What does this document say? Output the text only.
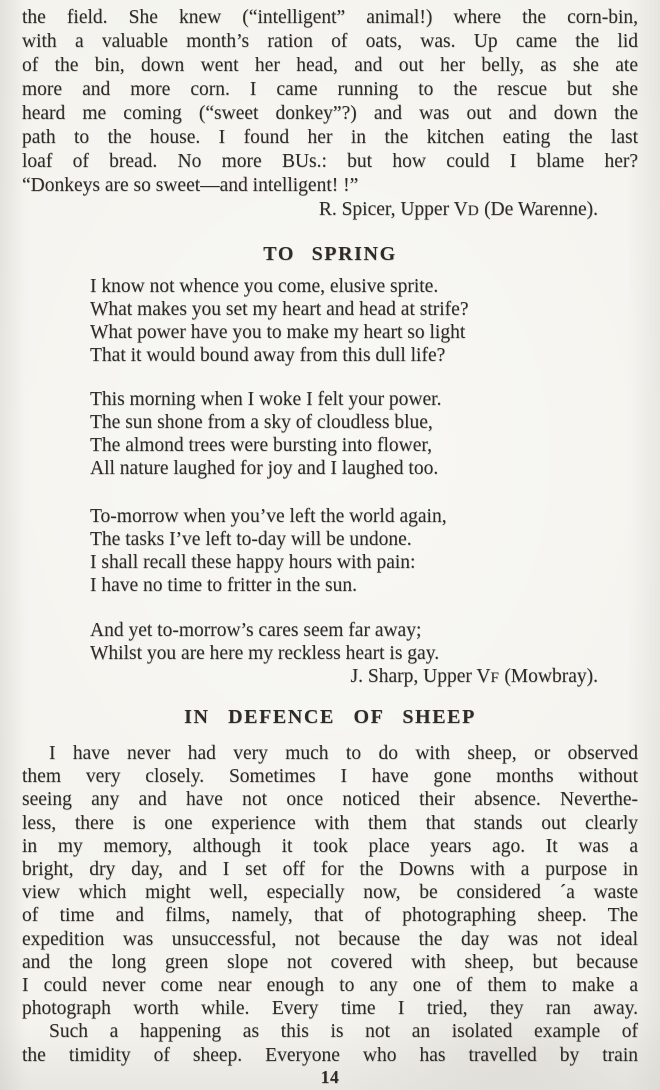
the field. She knew (“intelligent” animal!) where the corn-bin,
with a valuable month’s ration of oats, was. Up came the lid
of the bin, down went her head, and out her belly, as she ate
more and more corn. I came running to the rescue but she
heard me coming (“sweet donkey”?) and was out and down the
path to the house. I found her in the kitchen eating the last
loaf of bread. No more BUs.: but how could I blame her?
“Donkeys are so sweet—and intelligent! !”
R. Spicer, Upper VD (De Warenne).
TO SPRING
I know not whence you come, elusive sprite.
What makes you set my heart and head at strife?
What power have you to make my heart so light
That it would bound away from this dull life?
This morning when I woke I felt your power.
The sun shone from a sky of cloudless blue,
The almond trees were bursting into flower,
All nature laughed for joy and I laughed too.
To-morrow when you’ve left the world again,
The tasks I’ve left to-day will be undone.
I shall recall these happy hours with pain:
I have no time to fritter in the sun.
And yet to-morrow’s cares seem far away;
Whilst you are here my reckless heart is gay.
J. Sharp, Upper VF (Mowbray).
IN DEFENCE OF SHEEP
I have never had very much to do with sheep, or observed
them very closely. Sometimes I have gone months without
seeing any and have not once noticed their absence. Neverthe-
less, there is one experience with them that stands out clearly
in my memory, although it took place years ago. It was a
bright, dry day, and I set off for the Downs with a purpose in
view which might well, especially now, be considered ´a waste
of time and films, namely, that of photographing sheep. The
expedition was unsuccessful, not because the day was not ideal
and the long green slope not covered with sheep, but because
I could never come near enough to any one of them to make a
photograph worth while. Every time I tried, they ran away.
Such a happening as this is not an isolated example of
the timidity of sheep. Everyone who has travelled by train
14
